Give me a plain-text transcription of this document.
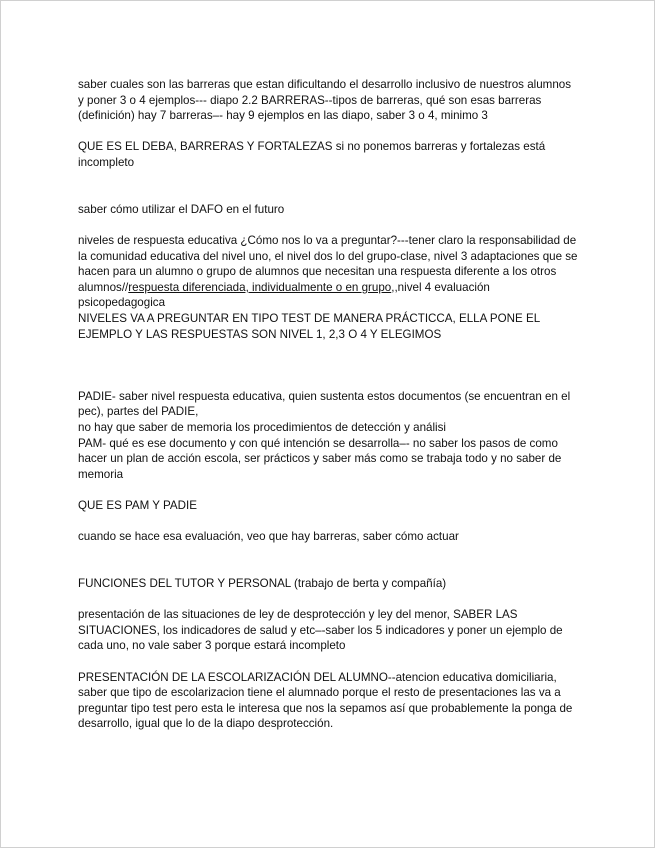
saber cuales son las barreras que estan dificultando el desarrollo inclusivo de nuestros alumnos y poner 3 o 4 ejemplos--- diapo 2.2 BARRERAS--tipos de barreras, qué son esas barreras (definición) hay 7 barreras–- hay 9 ejemplos en las diapo, saber 3 o 4, minimo 3

QUE ES EL DEBA, BARRERAS Y FORTALEZAS si no ponemos barreras y fortalezas está incompleto

saber cómo utilizar el DAFO en el futuro

niveles de respuesta educativa ¿Cómo nos lo va a preguntar?---tener claro la responsabilidad de la comunidad educativa del nivel uno, el nivel dos lo del grupo-clase, nivel 3 adaptaciones que se hacen para un alumno o grupo de alumnos que necesitan una respuesta diferente a los otros alumnos//respuesta diferenciada, individualmente o en grupo,,nivel 4 evaluación psicopedagogica

NIVELES VA A PREGUNTAR EN TIPO TEST DE MANERA PRÁCTICCA, ELLA PONE EL EJEMPLO Y LAS RESPUESTAS SON NIVEL 1, 2,3 O 4 Y ELEGIMOS

PADIE- saber nivel respuesta educativa, quien sustenta estos documentos (se encuentran en el pec), partes del PADIE,

no hay que saber de memoria los procedimientos de detección y análisi

PAM- qué es ese documento y con qué intención se desarrolla–- no saber los pasos de como hacer un plan de acción escola, ser prácticos y saber más como se trabaja todo y no saber de memoria

QUE ES PAM Y PADIE

cuando se hace esa evaluación, veo que hay barreras, saber cómo actuar

FUNCIONES DEL TUTOR Y PERSONAL (trabajo de berta y compañía)

presentación de las situaciones de ley de desprotección y ley del menor, SABER LAS SITUACIONES, los indicadores de salud y etc–-saber los 5 indicadores y poner un ejemplo de cada uno, no vale saber 3 porque estará incompleto

PRESENTACIÓN DE LA ESCOLARIZACIÓN DEL ALUMNO--atencion educativa domiciliaria, saber que tipo de escolarizacion tiene el alumnado porque el resto de presentaciones las va a preguntar tipo test pero esta le interesa que nos la sepamos así que probablemente la ponga de desarrollo, igual que lo de la diapo desprotección.
